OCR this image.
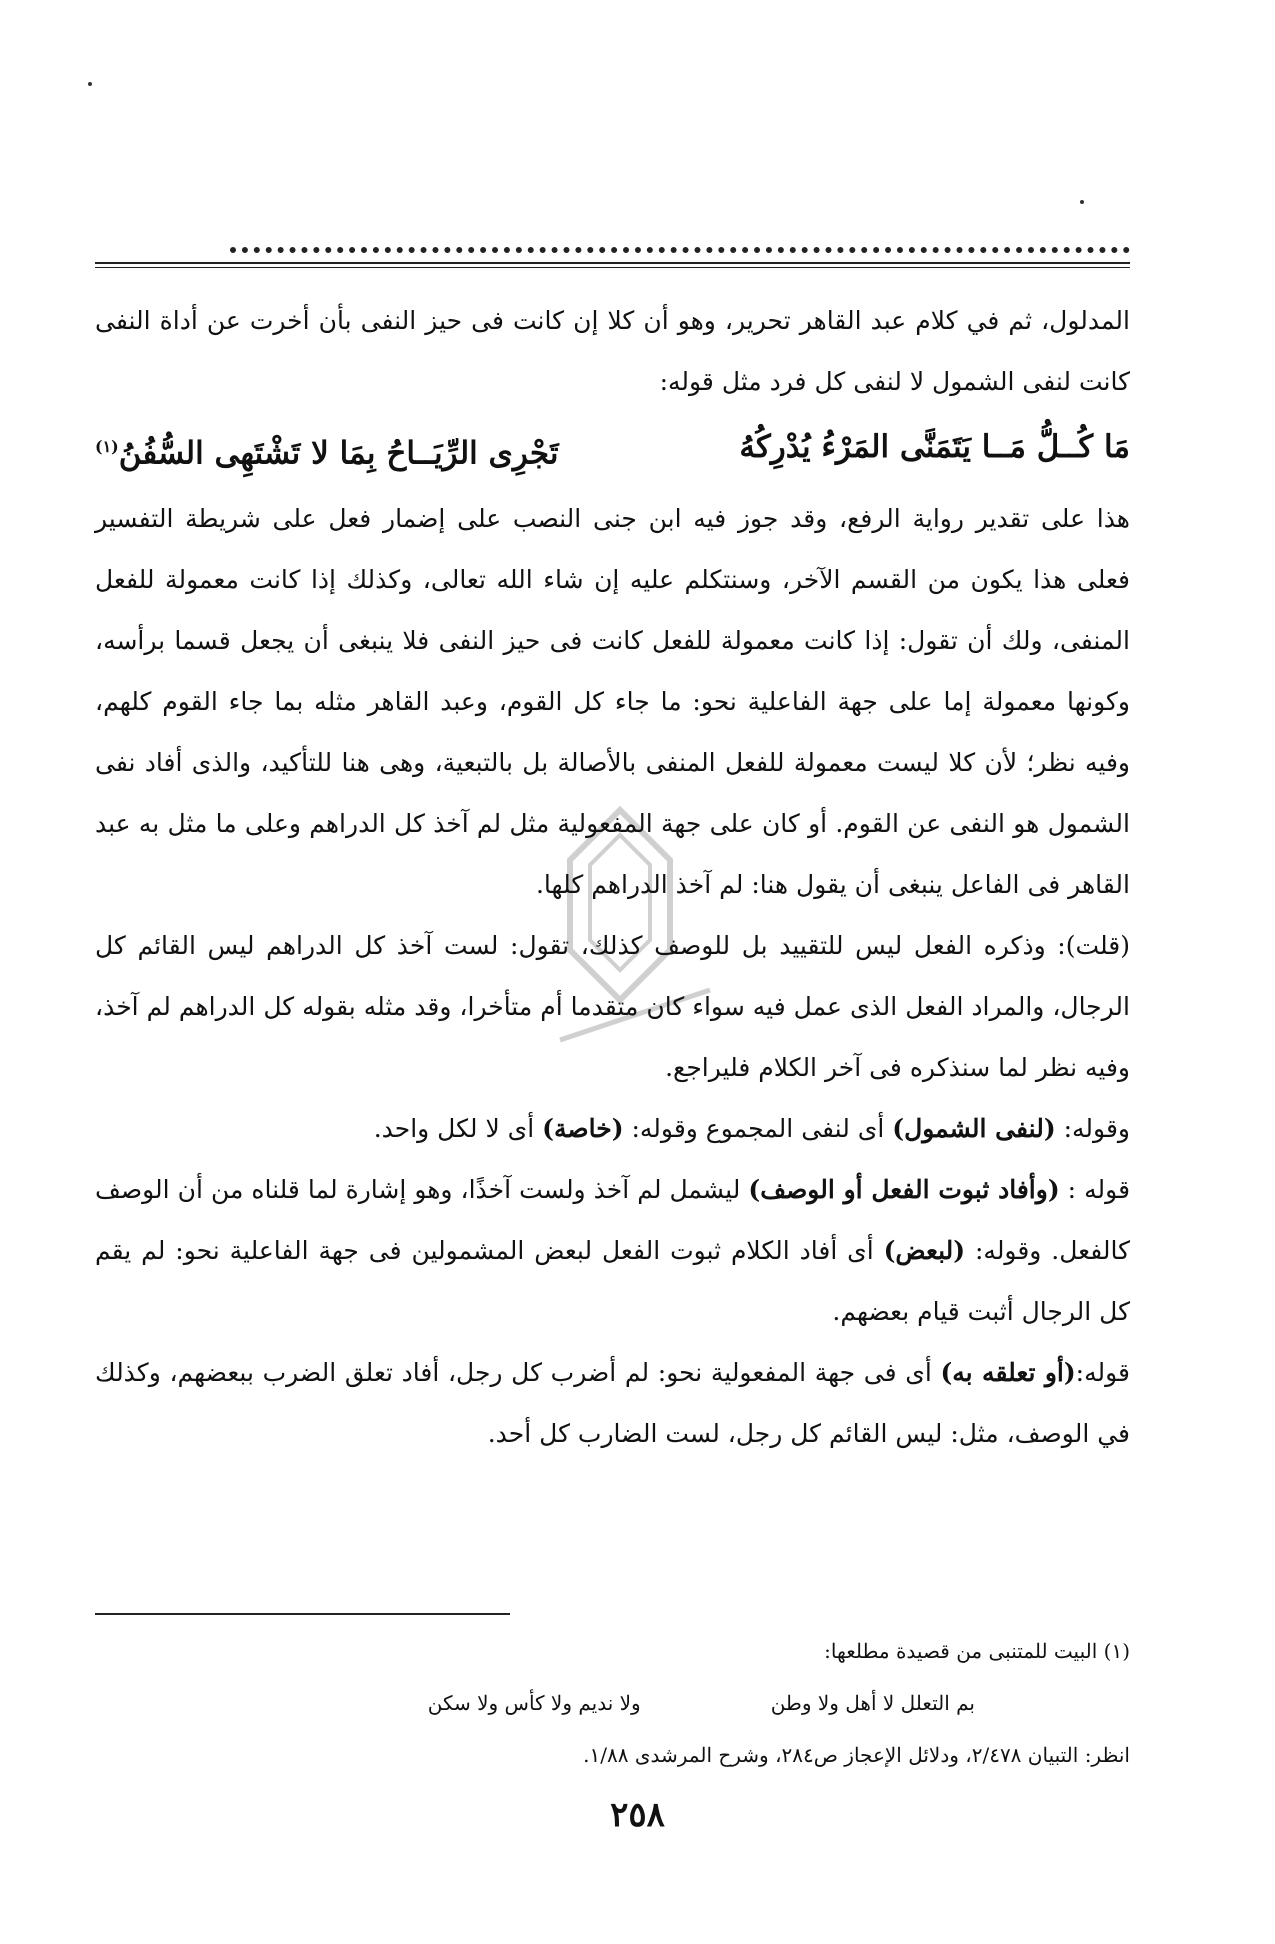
المدلول، ثم في كلام عبد القاهر تحرير، وهو أن كلا إن كانت فى حيز النفى بأن أخرت عن أداة النفى كانت لنفى الشمول لا لنفى كل فرد مثل قوله:

مَا كُــلُّ مَــا يَتَمَنَّى المَرْءُ يُدْرِكُهُ
تَجْرِى الرِّيَــاحُ بِمَا لا تَشْتَهِى السُّفُنُ$^{(١)}$

هذا على تقدير رواية الرفع، وقد جوز فيه ابن جنى النصب على إضمار فعل على شريطة التفسير فعلى هذا يكون من القسم الآخر، وسنتكلم عليه إن شاء الله تعالى، وكذلك إذا كانت معمولة للفعل المنفى، ولك أن تقول: إذا كانت معمولة للفعل كانت فى حيز النفى فلا ينبغى أن يجعل قسما برأسه، وكونها معمولة إما على جهة الفاعلية نحو: ما جاء كل القوم، وعبد القاهر مثله بما جاء القوم كلهم، وفيه نظر؛ لأن كلا ليست معمولة للفعل المنفى بالأصالة بل بالتبعية، وهى هنا للتأكيد، والذى أفاد نفى الشمول هو النفى عن القوم. أو كان على جهة المفعولية مثل لم آخذ كل الدراهم وعلى ما مثل به عبد القاهر فى الفاعل ينبغى أن يقول هنا: لم آخذ الدراهم كلها.

(قلت): وذكره الفعل ليس للتقييد بل للوصف كذلك، تقول: لست آخذ كل الدراهم ليس القائم كل الرجال، والمراد الفعل الذى عمل فيه سواء كان متقدما أم متأخرا، وقد مثله بقوله كل الدراهم لم آخذ، وفيه نظر لما سنذكره فى آخر الكلام فليراجع.

وقوله: (لنفى الشمول) أى لنفى المجموع وقوله: (خاصة) أى لا لكل واحد.

قوله : (وأفاد ثبوت الفعل أو الوصف) ليشمل لم آخذ ولست آخذًا، وهو إشارة لما قلناه من أن الوصف كالفعل. وقوله: (لبعض) أى أفاد الكلام ثبوت الفعل لبعض المشمولين فى جهة الفاعلية نحو: لم يقم كل الرجال أثبت قيام بعضهم.

قوله:(أو تعلقه به) أى فى جهة المفعولية نحو: لم أضرب كل رجل، أفاد تعلق الضرب ببعضهم، وكذلك في الوصف، مثل: ليس القائم كل رجل، لست الضارب كل أحد.

(١) البيت للمتنبى من قصيدة مطلعها:

بم التعلل لا أهل ولا وطن
ولا نديم ولا كأس ولا سكن

انظر: التبيان ٢/٤٧٨، ودلائل الإعجاز ص٢٨٤، وشرح المرشدى ١/٨٨.

٢٥٨
